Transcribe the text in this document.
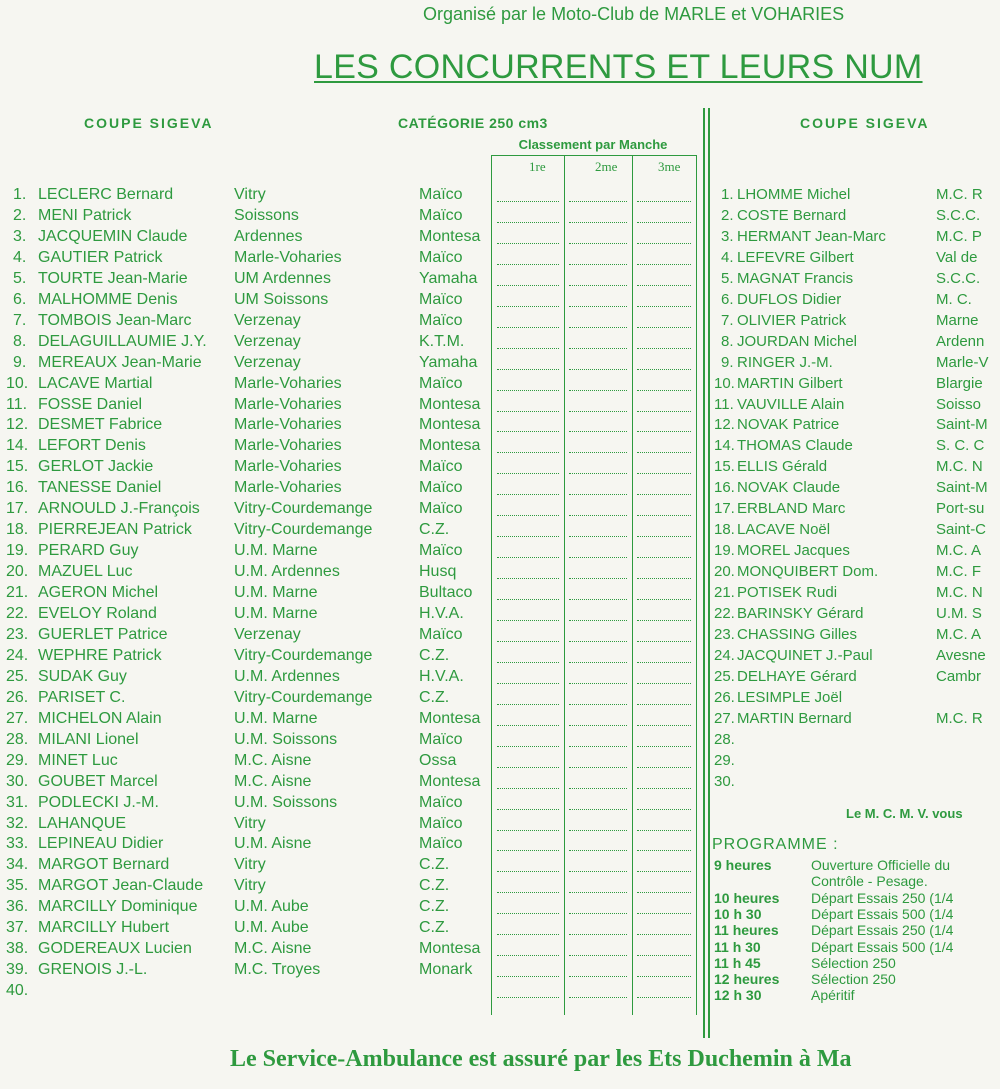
Organisé par le Moto-Club de MARLE et VOHARIES
LES CONCURRENTS ET LEURS NUM
COUPE SIGEVA	CATÉGORIE 250 cm3	COUPE SIGEVA
Classement par Manche
1re	2me	3me
1. LECLERC Bernard	Vitry	Maïco
2. MENI Patrick	Soissons	Maïco
3. JACQUEMIN Claude	Ardennes	Montesa
4. GAUTIER Patrick	Marle-Voharies	Maïco
5. TOURTE Jean-Marie	UM Ardennes	Yamaha
6. MALHOMME Denis	UM Soissons	Maïco
7. TOMBOIS Jean-Marc	Verzenay	Maïco
8. DELAGUILLAUMIE J.Y.	Verzenay	K.T.M.
9. MEREAUX Jean-Marie	Verzenay	Yamaha
10. LACAVE Martial	Marle-Voharies	Maïco
11. FOSSE Daniel	Marle-Voharies	Montesa
12. DESMET Fabrice	Marle-Voharies	Montesa
14. LEFORT Denis	Marle-Voharies	Montesa
15. GERLOT Jackie	Marle-Voharies	Maïco
16. TANESSE Daniel	Marle-Voharies	Maïco
17. ARNOULD J.-François	Vitry-Courdemange	Maïco
18. PIERREJEAN Patrick	Vitry-Courdemange	C.Z.
19. PERARD Guy	U.M. Marne	Maïco
20. MAZUEL Luc	U.M. Ardennes	Husq
21. AGERON Michel	U.M. Marne	Bultaco
22. EVELOY Roland	U.M. Marne	H.V.A.
23. GUERLET Patrice	Verzenay	Maïco
24. WEPHRE Patrick	Vitry-Courdemange	C.Z.
25. SUDAK Guy	U.M. Ardennes	H.V.A.
26. PARISET C.	Vitry-Courdemange	C.Z.
27. MICHELON Alain	U.M. Marne	Montesa
28. MILANI Lionel	U.M. Soissons	Maïco
29. MINET Luc	M.C. Aisne	Ossa
30. GOUBET Marcel	M.C. Aisne	Montesa
31. PODLECKI J.-M.	U.M. Soissons	Maïco
32. LAHANQUE	Vitry	Maïco
33. LEPINEAU Didier	U.M. Aisne	Maïco
34. MARGOT Bernard	Vitry	C.Z.
35. MARGOT Jean-Claude	Vitry	C.Z.
36. MARCILLY Dominique	U.M. Aube	C.Z.
37. MARCILLY Hubert	U.M. Aube	C.Z.
38. GODEREAUX Lucien	M.C. Aisne	Montesa
39. GRENOIS J.-L.	M.C. Troyes	Monark
40.
1. LHOMME Michel	M.C. R
2. COSTE Bernard	S.C.C.
3. HERMANT Jean-Marc	M.C. P
4. LEFEVRE Gilbert	Val de
5. MAGNAT Francis	S.C.C.
6. DUFLOS Didier	M. C.
7. OLIVIER Patrick	Marne
8. JOURDAN Michel	Ardenn
9. RINGER J.-M.	Marle-V
10. MARTIN Gilbert	Blargie
11. VAUVILLE Alain	Soisso
12. NOVAK Patrice	Saint-M
14. THOMAS Claude	S. C. C
15. ELLIS Gérald	M.C. N
16. NOVAK Claude	Saint-M
17. ERBLAND Marc	Port-su
18. LACAVE Noël	Saint-C
19. MOREL Jacques	M.C. A
20. MONQUIBERT Dom.	M.C. F
21. POTISEK Rudi	M.C. N
22. BARINSKY Gérard	U.M. S
23. CHASSING Gilles	M.C. A
24. JACQUINET J.-Paul	Avesne
25. DELHAYE Gérard	Cambr
26. LESIMPLE Joël
27. MARTIN Bernard	M.C. R
28.
29.
30.
Le M. C. M. V. vous
PROGRAMME :
9 heures	Ouverture Officielle du
Contrôle - Pesage.
10 heures Départ Essais 250 (1/4
10 h 30	Départ Essais 500 (1/4
11 heures Départ Essais 250 (1/4
11 h 30	Départ Essais 500 (1/4
11 h 45	Sélection 250
12 heures Sélection 250
12 h 30	Apéritif
Le Service-Ambulance est assuré par les Ets Duchemin à Ma
